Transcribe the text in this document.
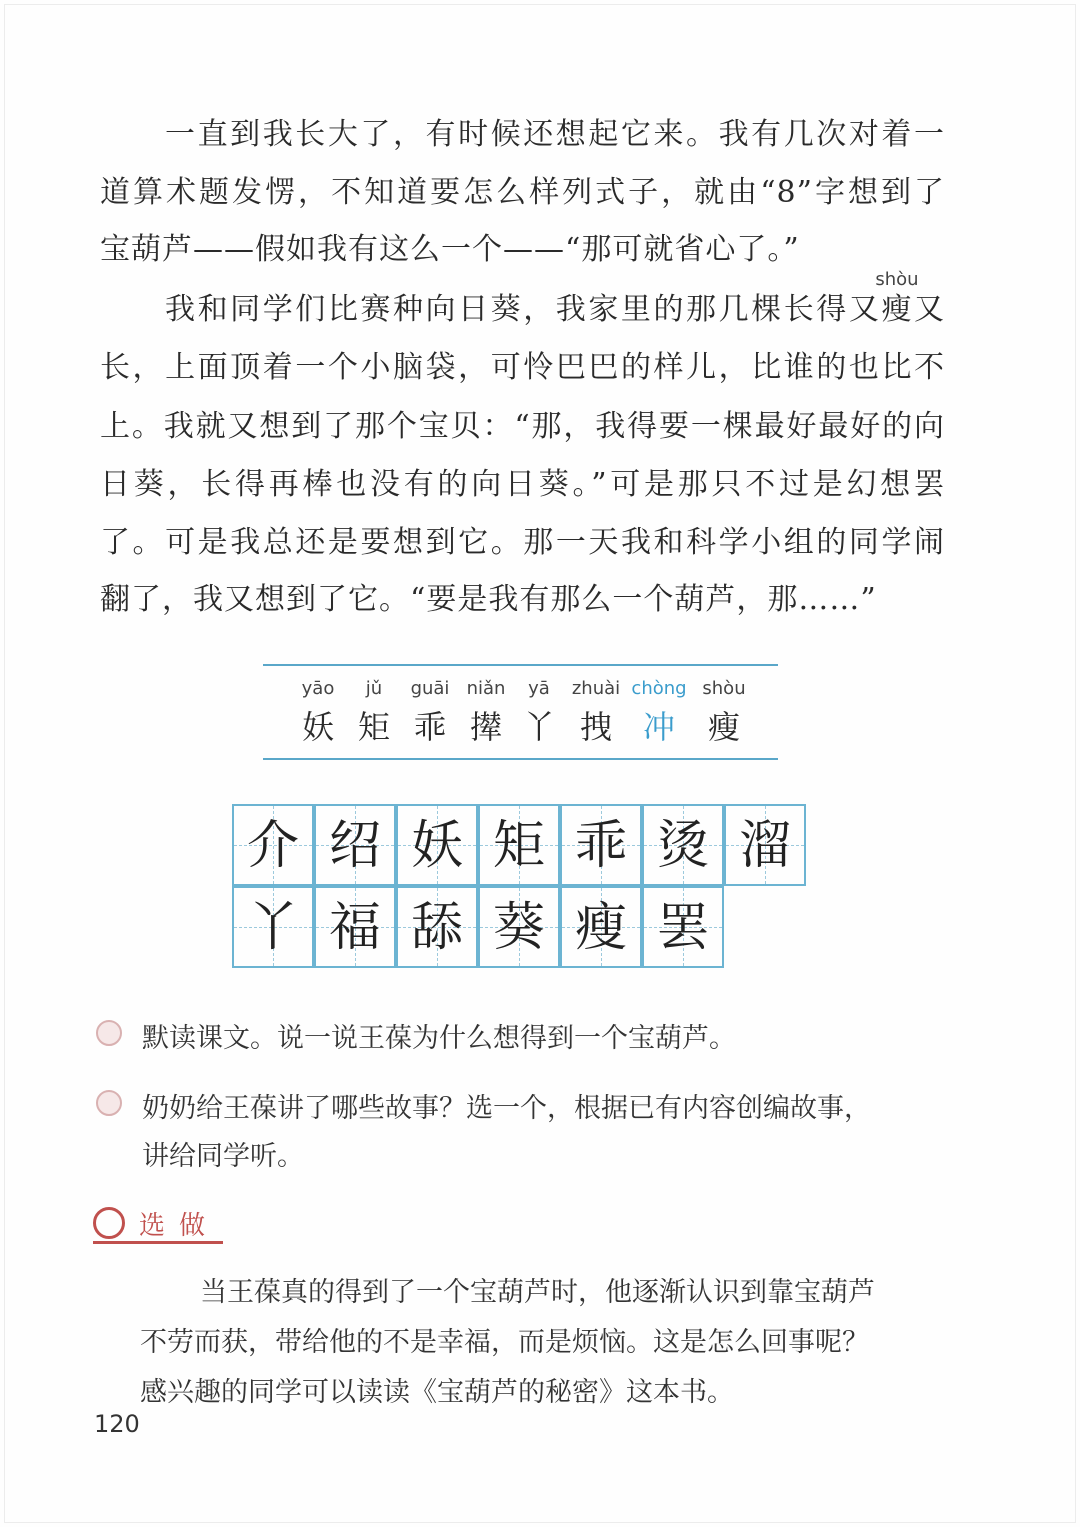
一直到我长大了，有时候还想起它来。我有几次对着一
道算术题发愣，不知道要怎么样列式子，就由“8”字想到了
宝葫芦——假如我有这么一个——“那可就省心了。”
我和同学们比赛种向日葵，我家里的那几棵长得又
shòu
瘦又
长，上面顶着一个小脑袋，可怜巴巴的样儿，比谁的也比不
上。我就又想到了那个宝贝：“那，我得要一棵最好最好的向
日葵，长得再棒也没有的向日葵。”可是那只不过是幻想罢
了。可是我总还是要想到它。那一天我和科学小组的同学闹
翻了，我又想到了它。“要是我有那么一个葫芦，那……”
yāo
妖
jǔ
矩
guāi
乖
niǎn
撵
yā
丫
zhuài
拽
chòng
冲
shòu
瘦
介 绍 妖 矩 乖 烫 溜
丫 福 舔 葵 瘦 罢
默读课文。说一说王葆为什么想得到一个宝葫芦。
奶奶给王葆讲了哪些故事？选一个，根据已有内容创编故事，
讲给同学听。
选做
当王葆真的得到了一个宝葫芦时，他逐渐认识到靠宝葫芦
不劳而获，带给他的不是幸福，而是烦恼。这是怎么回事呢？
感兴趣的同学可以读读《宝葫芦的秘密》这本书。
120
